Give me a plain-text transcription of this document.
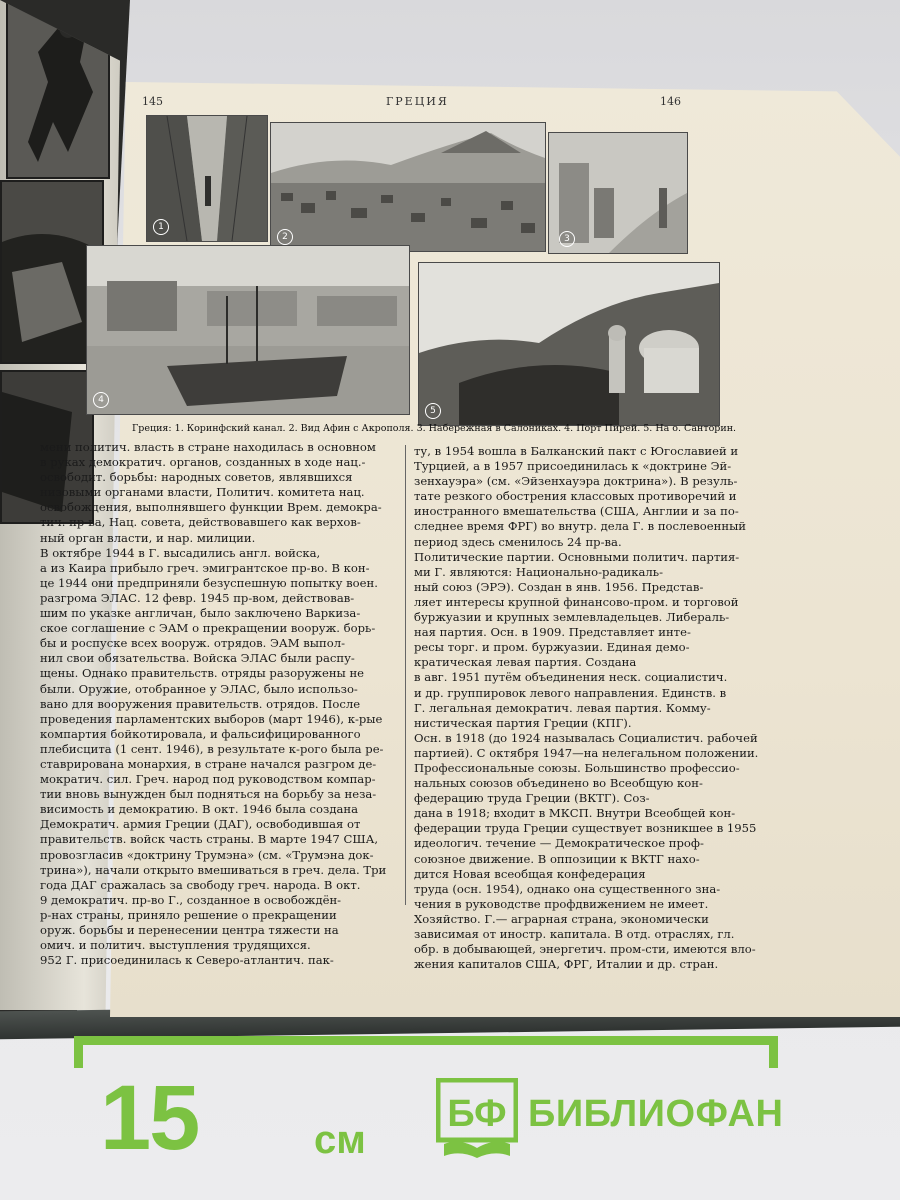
145	ГРЕЦИЯ	146
1
2	3
4
5
Греция: 1. Коринфский канал. 2. Вид Афин с Акрополя. 3. Набережная в Салониках. 4. Порт Пирей. 5. На о. Санторин.
мени политич. власть в стране находилась в основном
в руках демократич. органов, созданных в ходе нац.-
освободит. борьбы: народных советов, являвшихся
низовыми органами власти, Политич. комитета нац.
освобождения, выполнявшего функции Врем. демокра-
тич. пр-ва, Нац. совета, действовавшего как верхов-
ный орган власти, и нар. милиции.
В октябре 1944 в Г. высадились англ. войска,
а из Каира прибыло греч. эмигрантское пр-во. В кон-
це 1944 они предприняли безуспешную попытку воен.
разгрома ЭЛАС. 12 февр. 1945 пр-вом, действовав-
шим по указке англичан, было заключено Варкиза-
ское соглашение с ЭАМ о прекращении вооруж. борь-
бы и роспуске всех вооруж. отрядов. ЭАМ выпол-
нил свои обязательства. Войска ЭЛАС были распу-
щены. Однако правительств. отряды разоружены не
были. Оружие, отобранное у ЭЛАС, было использо-
вано для вооружения правительств. отрядов. После
проведения парламентских выборов (март 1946), к-рые
компартия бойкотировала, и фальсифицированного
плебисцита (1 сент. 1946), в результате к-рого была ре-
ставрирована монархия, в стране начался разгром де-
мократич. сил. Греч. народ под руководством компар-
тии вновь вынужден был подняться на борьбу за неза-
висимость и демократию. В окт. 1946 была создана
Демократич. армия Греции (ДАГ), освободившая от
правительств. войск часть страны. В марте 1947 США,
провозгласив «доктрину Трумэна» (см. «Трумэна док-
трина»), начали открыто вмешиваться в греч. дела. Три
года ДАГ сражалась за свободу греч. народа. В окт.
9 демократич. пр-во Г., созданное в освобождён-
р-нах страны, приняло решение о прекращении
оруж. борьбы и перенесении центра тяжести на
омич. и политич. выступления трудящихся.
952 Г. присоединилась к Северо-атлантич. пак-
ту, в 1954 вошла в Балканский пакт с Югославией и
Турцией, а в 1957 присоединилась к «доктрине Эй-
зенхауэра» (см. «Эйзенхауэра доктрина»). В резуль-
тате резкого обострения классовых противоречий и
иностранного вмешательства (США, Англии и за по-
следнее время ФРГ) во внутр. дела Г. в послевоенный
период здесь сменилось 24 пр-ва.
Политические партии. Основными политич. партия-
ми Г. являются: Национально-радикаль-
ный союз (ЭРЭ). Создан в янв. 1956. Представ-
ляет интересы крупной финансово-пром. и торговой
буржуазии и крупных землевладельцев. Либераль-
ная партия. Осн. в 1909. Представляет инте-
ресы торг. и пром. буржуазии. Единая демо-
кратическая левая партия. Создана
в авг. 1951 путём объединения неск. социалистич.
и др. группировок левого направления. Единств. в
Г. легальная демократич. левая партия. Комму-
нистическая партия Греции (КПГ).
Осн. в 1918 (до 1924 называлась Социалистич. рабочей
партией). С октября 1947—на нелегальном положении.
Профессиональные союзы. Большинство профессио-
нальных союзов объединено во Всеобщую кон-
федерацию труда Греции (ВКТГ). Соз-
дана в 1918; входит в МКСП. Внутри Всеобщей кон-
федерации труда Греции существует возникшее в 1955
идеологич. течение — Демократическое проф-
союзное движение. В оппозиции к ВКТГ нахо-
дится Новая всеобщая конфедерация
труда (осн. 1954), однако она существенного зна-
чения в руководстве профдвижением не имеет.
Хозяйство. Г.— аграрная страна, экономически
зависимая от иностр. капитала. В отд. отраслях, гл.
обр. в добывающей, энергетич. пром-сти, имеются вло-
жения капиталов США, ФРГ, Италии и др. стран.
15	см
БФ БИБЛИОФАН
